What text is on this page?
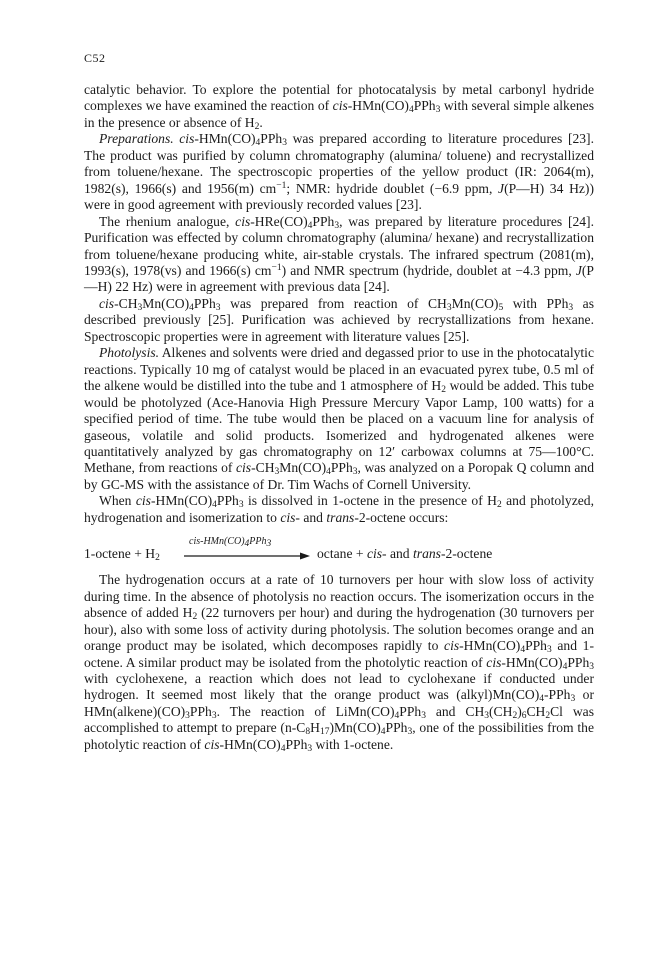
C52

catalytic behavior. To explore the potential for photocatalysis by metal carbonyl hydride complexes we have examined the reaction of cis-$HMn(CO)_4PPh_3$ with several simple alkenes in the presence or absence of $H_2$.

Preparations. cis-$HMn(CO)_4PPh_3$ was prepared according to literature procedures [23]. The product was purified by column chromatography (alumina/ toluene) and recrystallized from toluene/hexane. The spectroscopic properties of the yellow product (IR: 2064(m), 1982(s), 1966(s) and 1956(m) $cm^{-1}$; NMR: hydride doublet (−6.9 ppm, J(P—H) 34 Hz)) were in good agreement with previously recorded values [23].

The rhenium analogue, cis-$HRe(CO)_4PPh_3$, was prepared by literature procedures [24]. Purification was effected by column chromatography (alumina/ hexane) and recrystallization from toluene/hexane producing white, air-stable crystals. The infrared spectrum (2081(m), 1993(s), 1978(vs) and 1966(s) $cm^{-1}$) and NMR spectrum (hydride, doublet at −4.3 ppm, J(P—H) 22 Hz) were in agreement with previous data [24].

cis-$CH_3Mn(CO)_4PPh_3$ was prepared from reaction of $CH_3Mn(CO)_5$ with PPh$_3$ as described previously [25]. Purification was achieved by recrystallizations from hexane. Spectroscopic properties were in agreement with literature values [25].

Photolysis. Alkenes and solvents were dried and degassed prior to use in the photocatalytic reactions. Typically 10 mg of catalyst would be placed in an evacuated pyrex tube, 0.5 ml of the alkene would be distilled into the tube and 1 atmosphere of $H_2$ would be added. This tube would be photolyzed (Ace-Hanovia High Pressure Mercury Vapor Lamp, 100 watts) for a specified period of time. The tube would then be placed on a vacuum line for analysis of gaseous, volatile and solid products. Isomerized and hydrogenated alkenes were quantitatively analyzed by gas chromatography on 12′ carbowax columns at 75—100°C. Methane, from reactions of cis-$CH_3Mn(CO)_4PPh_3$, was analyzed on a Poropak Q column and by GC-MS with the assistance of Dr. Tim Wachs of Cornell University.

When cis-$HMn(CO)_4PPh_3$ is dissolved in 1-octene in the presence of $H_2$ and photolyzed, hydrogenation and isomerization to cis- and trans-2-octene occurs:

1-octene + $H_2$
cis-$HMn(CO)_4PPh_3$
octane + cis- and trans-2-octene

The hydrogenation occurs at a rate of 10 turnovers per hour with slow loss of activity during time. In the absence of photolysis no reaction occurs. The isomerization occurs in the absence of added $H_2$ (22 turnovers per hour) and during the hydrogenation (30 turnovers per hour), also with some loss of activity during photolysis. The solution becomes orange and an orange product may be isolated, which decomposes rapidly to cis-$HMn(CO)_4PPh_3$ and 1-octene. A similar product may be isolated from the photolytic reaction of cis-$HMn(CO)_4PPh_3$ with cyclohexene, a reaction which does not lead to cyclohexane if conducted under hydrogen. It seemed most likely that the orange product was $(alkyl)Mn(CO)_4-PPh_3$ or $HMn(alkene)(CO)_3PPh_3$. The reaction of $LiMn(CO)_4PPh_3$ and $CH_3(CH_2)_6CH_2Cl$ was accomplished to attempt to prepare $(n-C_8H_{17})Mn(CO)_4PPh_3$, one of the possibilities from the photolytic reaction of cis-$HMn(CO)_4PPh_3$ with 1-octene.
